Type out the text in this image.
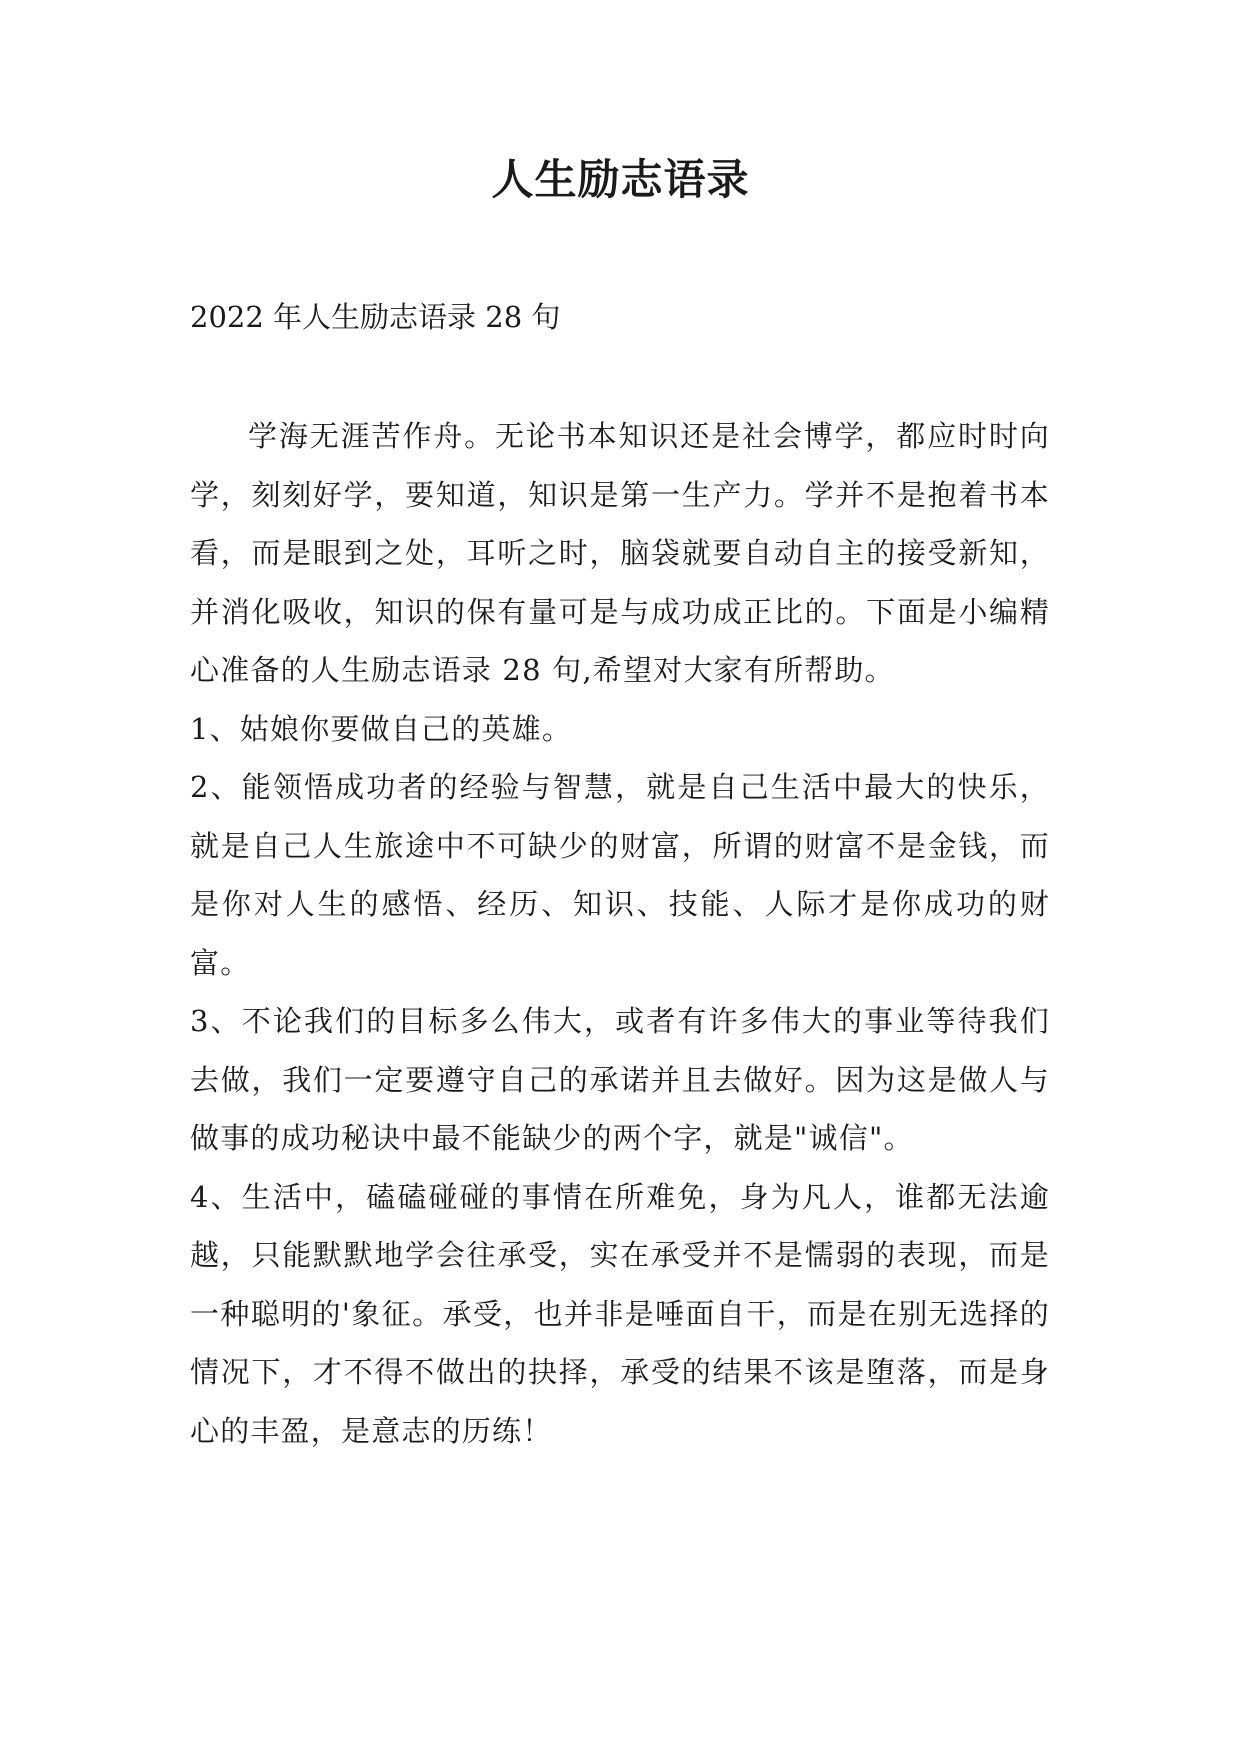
人生励志语录

2022 年人生励志语录 28 句

学海无涯苦作舟。无论书本知识还是社会博学，都应时时向学，刻刻好学，要知道，知识是第一生产力。学并不是抱着书本看，而是眼到之处，耳听之时，脑袋就要自动自主的接受新知，并消化吸收，知识的保有量可是与成功成正比的。下面是小编精心准备的人生励志语录 28 句,希望对大家有所帮助。

1、姑娘你要做自己的英雄。

2、能领悟成功者的经验与智慧，就是自己生活中最大的快乐，就是自己人生旅途中不可缺少的财富，所谓的财富不是金钱，而是你对人生的感悟、经历、知识、技能、人际才是你成功的财富。

3、不论我们的目标多么伟大，或者有许多伟大的事业等待我们去做，我们一定要遵守自己的承诺并且去做好。因为这是做人与做事的成功秘诀中最不能缺少的两个字，就是"诚信"。

4、生活中，磕磕碰碰的事情在所难免，身为凡人，谁都无法逾越，只能默默地学会往承受，实在承受并不是懦弱的表现，而是一种聪明的'象征。承受，也并非是唾面自干，而是在别无选择的情况下，才不得不做出的抉择，承受的结果不该是堕落，而是身心的丰盈，是意志的历练！
